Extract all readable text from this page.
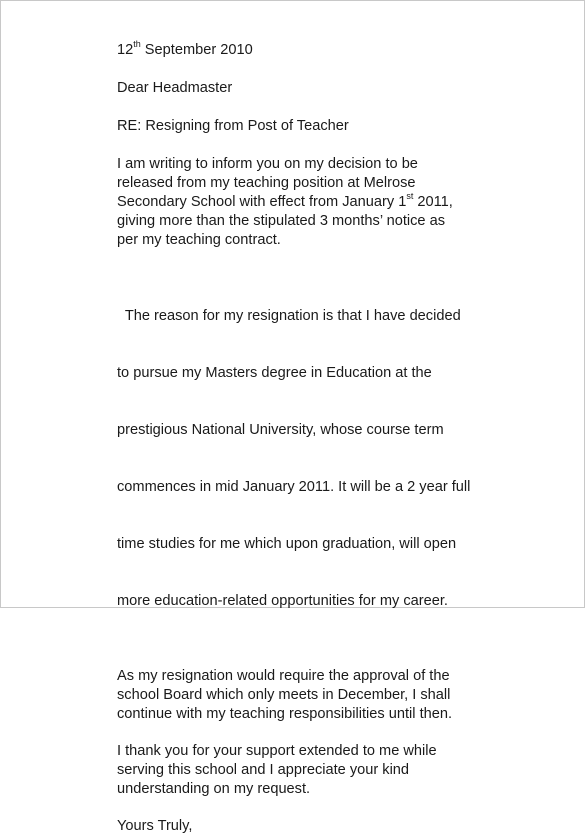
12th September 2010
Dear Headmaster
RE: Resigning from Post of Teacher
I am writing to inform you on my decision to be
released from my teaching position at Melrose
Secondary School with effect from January 1st 2011,
giving more than the stipulated 3 months’ notice as
per my teaching contract.

The reason for my resignation is that I have decided

to pursue my Masters degree in Education at the

prestigious National University, whose course term

commences in mid January 2011. It will be a 2 year full

time studies for me which upon graduation, will open

more education-related opportunities for my career.

As my resignation would require the approval of the
school Board which only meets in December, I shall
continue with my teaching responsibilities until then.
I thank you for your support extended to me while
serving this school and I appreciate your kind
understanding on my request.
Yours Truly,
